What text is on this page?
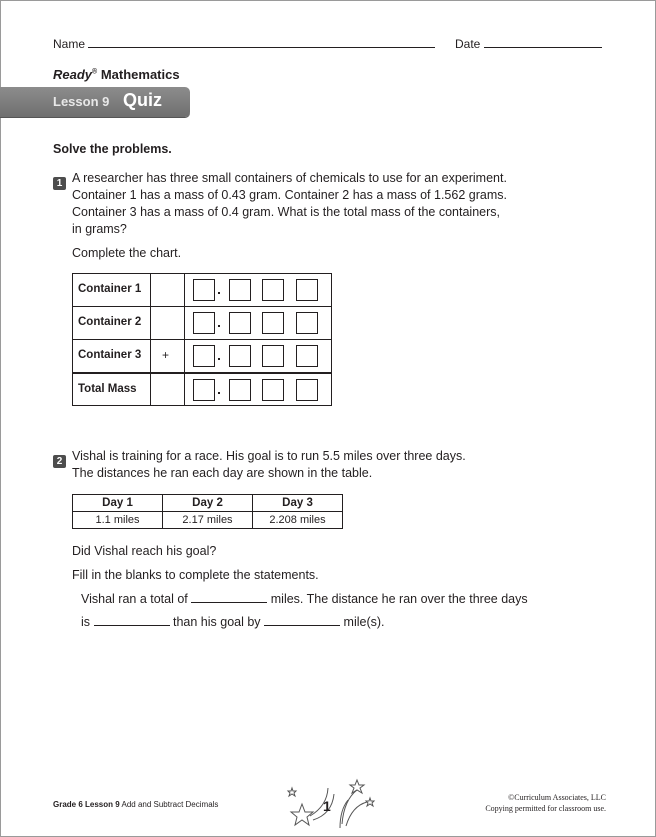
Name	Date
Ready® Mathematics
Lesson 9 Quiz
Solve the problems.
1 A researcher has three small containers of chemicals to use for an experiment.
Container 1 has a mass of 0.43 gram. Container 2 has a mass of 1.562 grams.
Container 3 has a mass of 0.4 gram. What is the total mass of the containers,
in grams?
Complete the chart.
Container 1
Container 2
Container 3 +
Total Mass
2 Vishal is training for a race. His goal is to run 5.5 miles over three days.
The distances he ran each day are shown in the table.
Day 1	Day 2	Day 3
1.1 miles	2.17 miles	2.208 miles
Did Vishal reach his goal?
Fill in the blanks to complete the statements.
Vishal ran a total of	miles. The distance he ran over the three days
is	than his goal by	mile(s).
Grade 6 Lesson 9 Add and Subtract Decimals	1
©Curriculum Associates, LLC
Copying permitted for classroom use.
